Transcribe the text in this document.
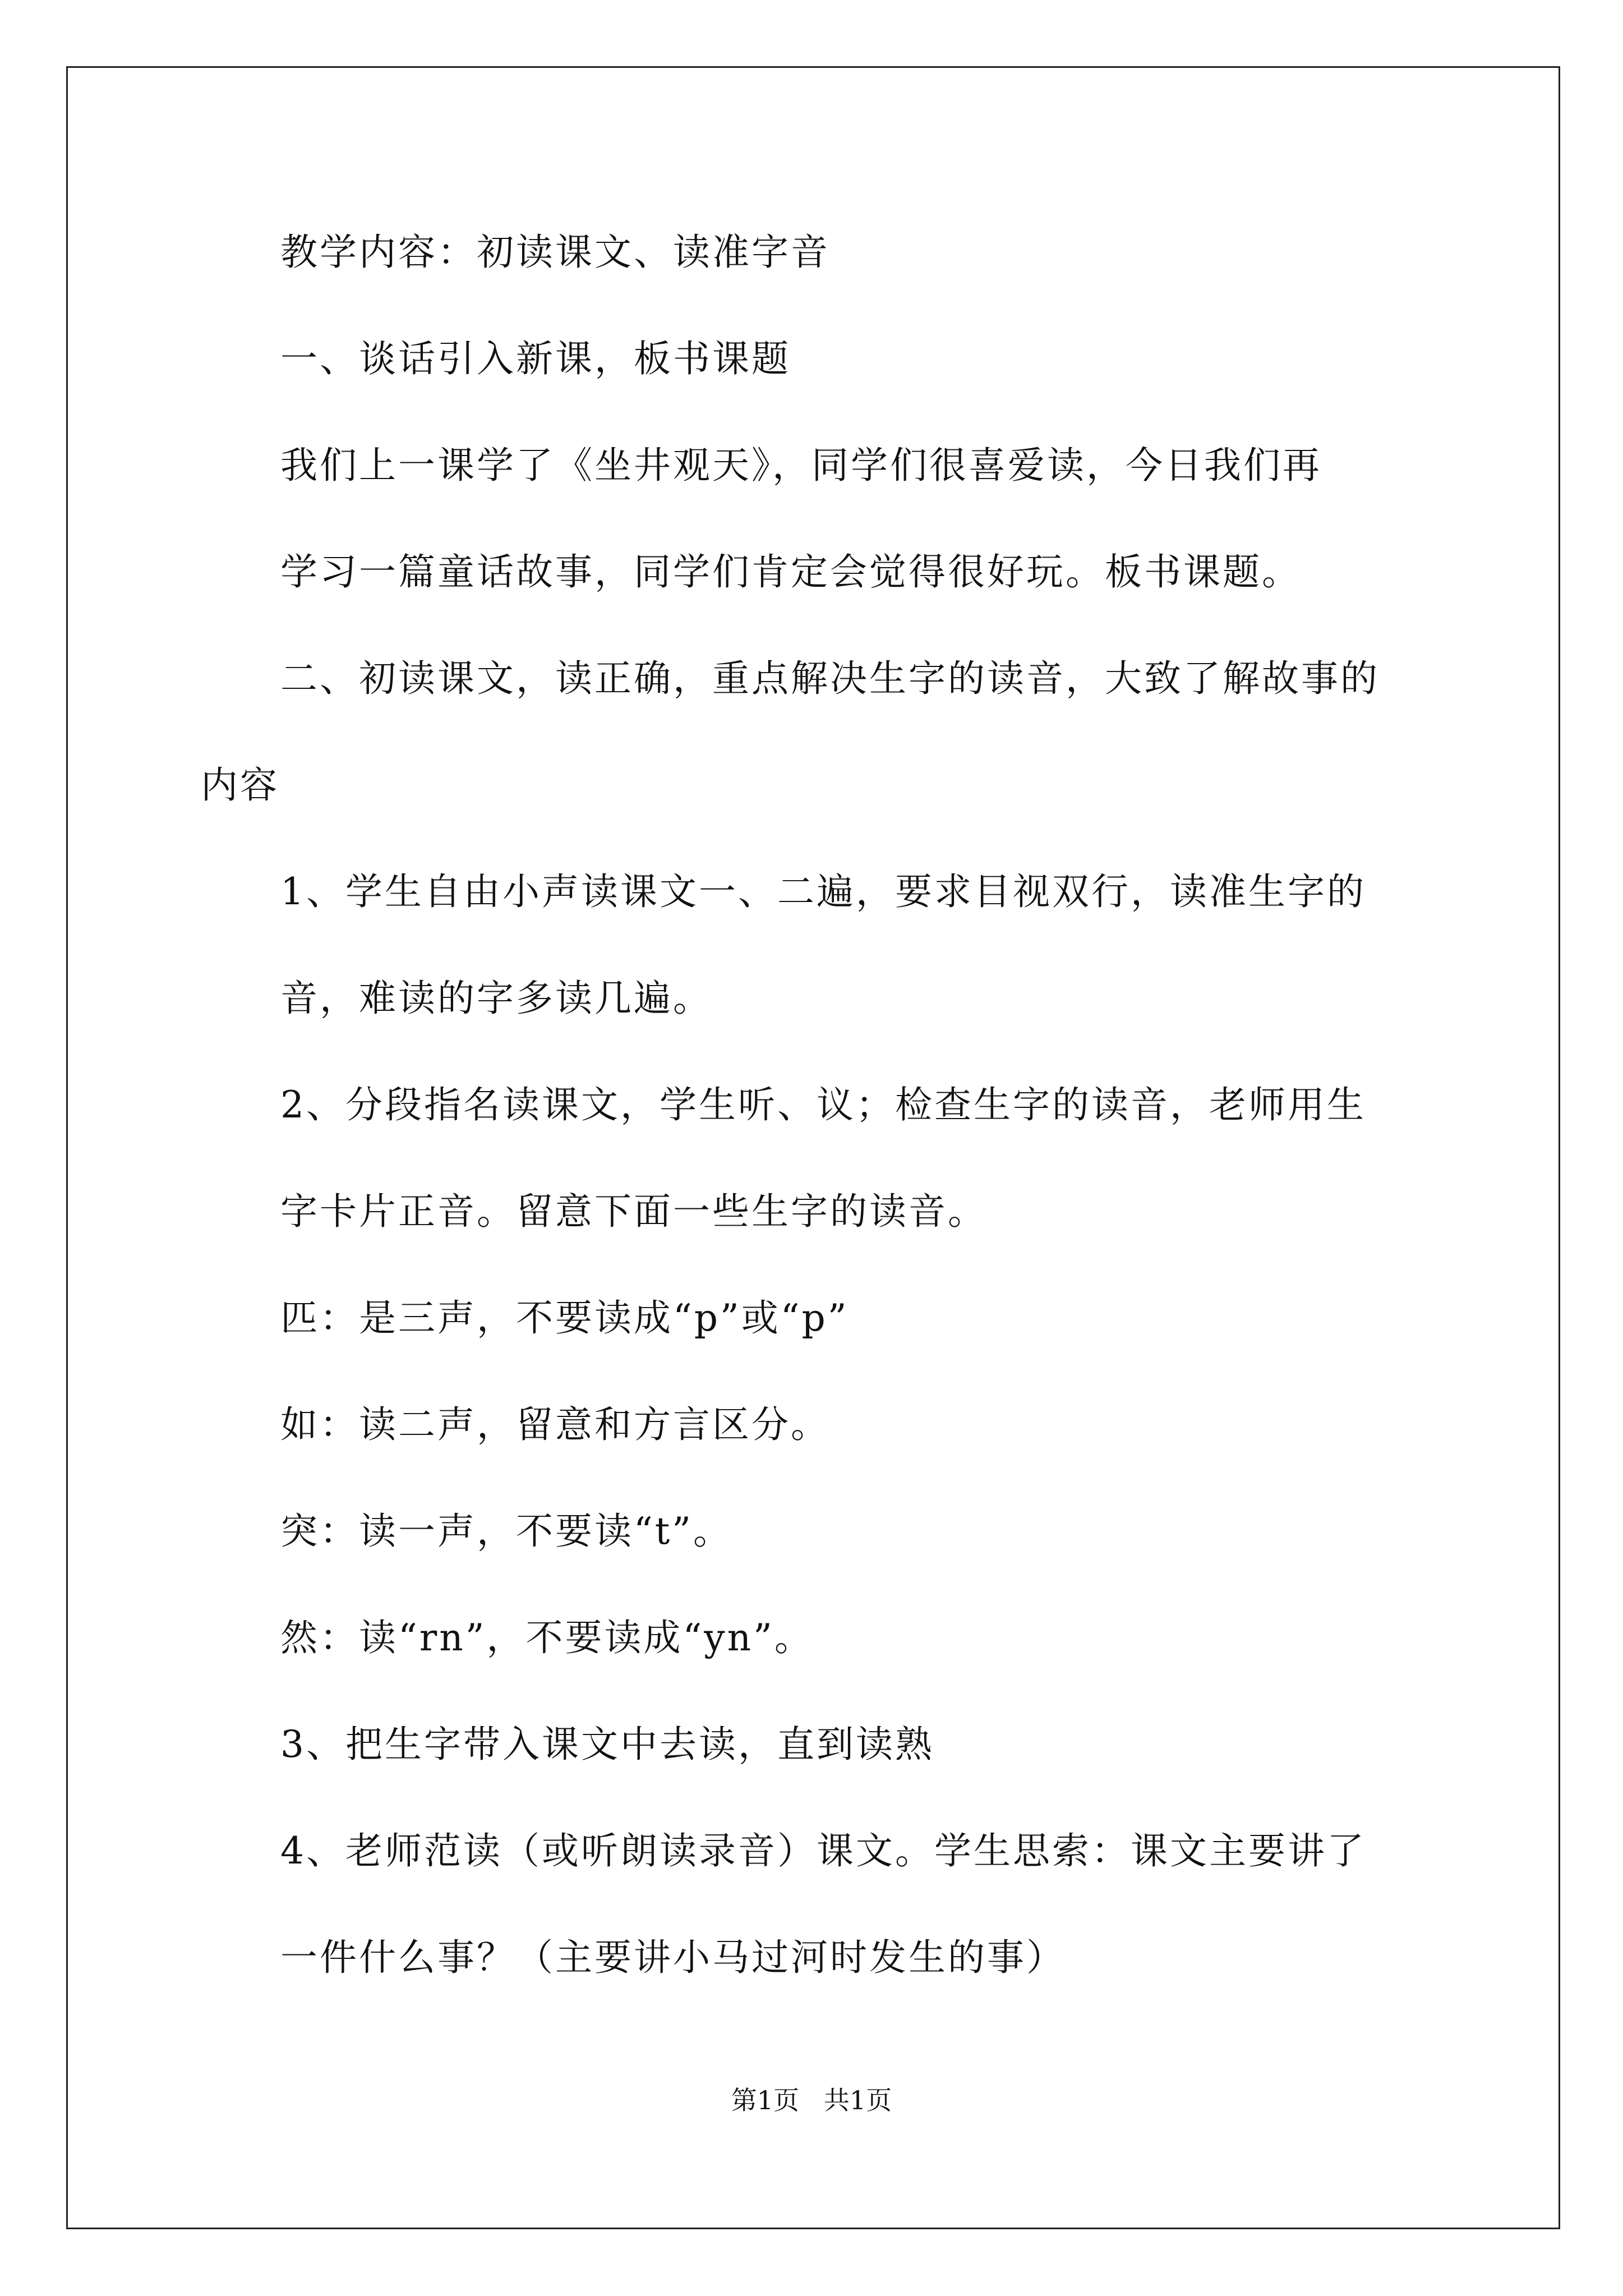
教学内容：初读课文、读准字音

一、谈话引入新课，板书课题

我们上一课学了《坐井观天》，同学们很喜爱读，今日我们再

学习一篇童话故事，同学们肯定会觉得很好玩。板书课题。

二、初读课文，读正确，重点解决生字的读音，大致了解故事的

内容

1、学生自由小声读课文一、二遍，要求目视双行，读准生字的

音，难读的字多读几遍。

2、分段指名读课文，学生听、议；检查生字的读音，老师用生

字卡片正音。留意下面一些生字的读音。

匹：是三声，不要读成“p”或“p”

如：读二声，留意和方言区分。

突：读一声，不要读“t”。

然：读“rn”，不要读成“yn”。

3、把生字带入课文中去读，直到读熟

4、老师范读（或听朗读录音）课文。学生思索：课文主要讲了

一件什么事？（主要讲小马过河时发生的事）

第1页   共1页
